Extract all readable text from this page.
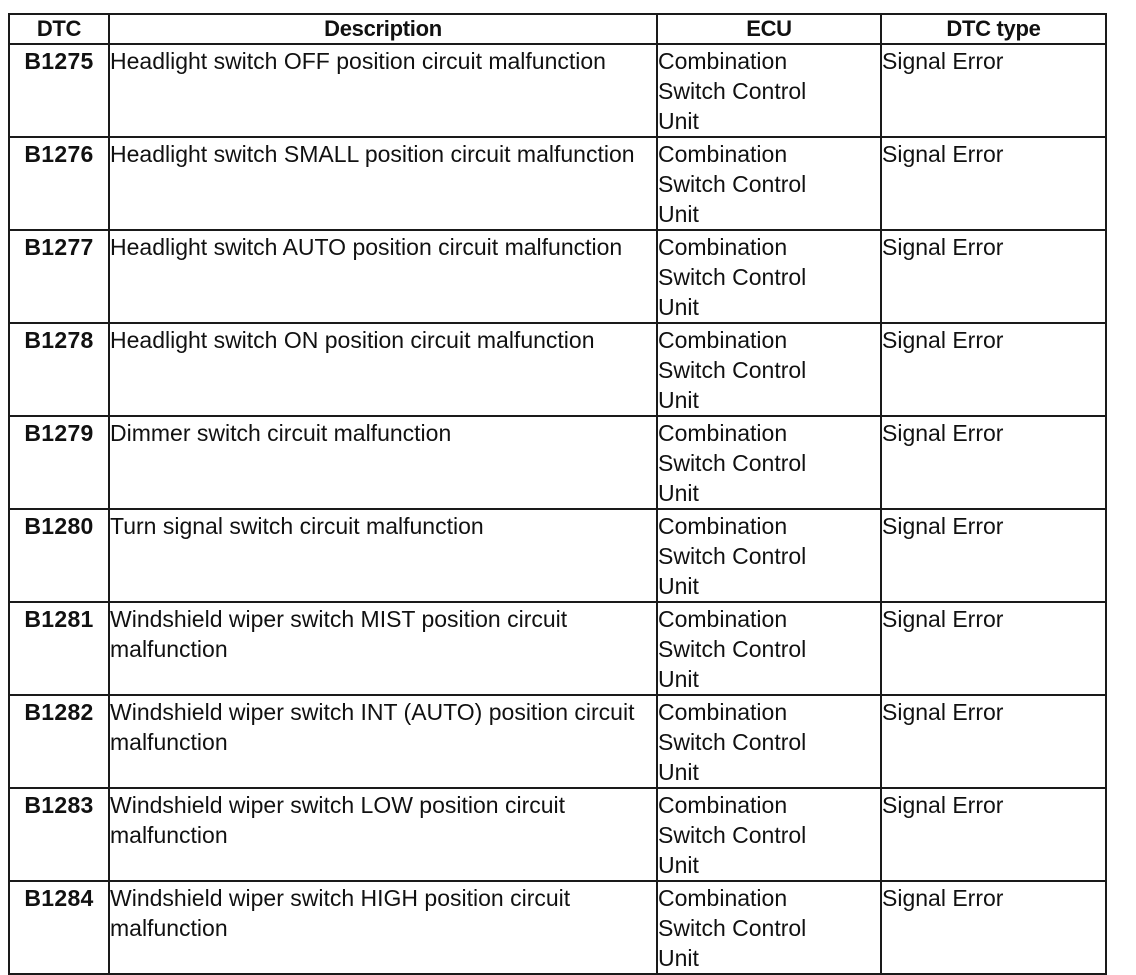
DTC	Description	ECU	DTC type
B1275	Headlight switch OFF position circuit malfunction	Combination
Switch Control
Unit	Signal Error
B1276	Headlight switch SMALL position circuit malfunction	Combination
Switch Control
Unit	Signal Error
B1277	Headlight switch AUTO position circuit malfunction	Combination
Switch Control
Unit	Signal Error
B1278	Headlight switch ON position circuit malfunction	Combination
Switch Control
Unit	Signal Error
B1279	Dimmer switch circuit malfunction	Combination
Switch Control
Unit	Signal Error
B1280	Turn signal switch circuit malfunction	Combination
Switch Control
Unit	Signal Error
B1281	Windshield wiper switch MIST position circuit malfunction	Combination
Switch Control
Unit	Signal Error
B1282	Windshield wiper switch INT (AUTO) position circuit malfunction	Combination
Switch Control
Unit	Signal Error
B1283	Windshield wiper switch LOW position circuit malfunction	Combination
Switch Control
Unit	Signal Error
B1284	Windshield wiper switch HIGH position circuit malfunction	Combination
Switch Control
Unit	Signal Error
